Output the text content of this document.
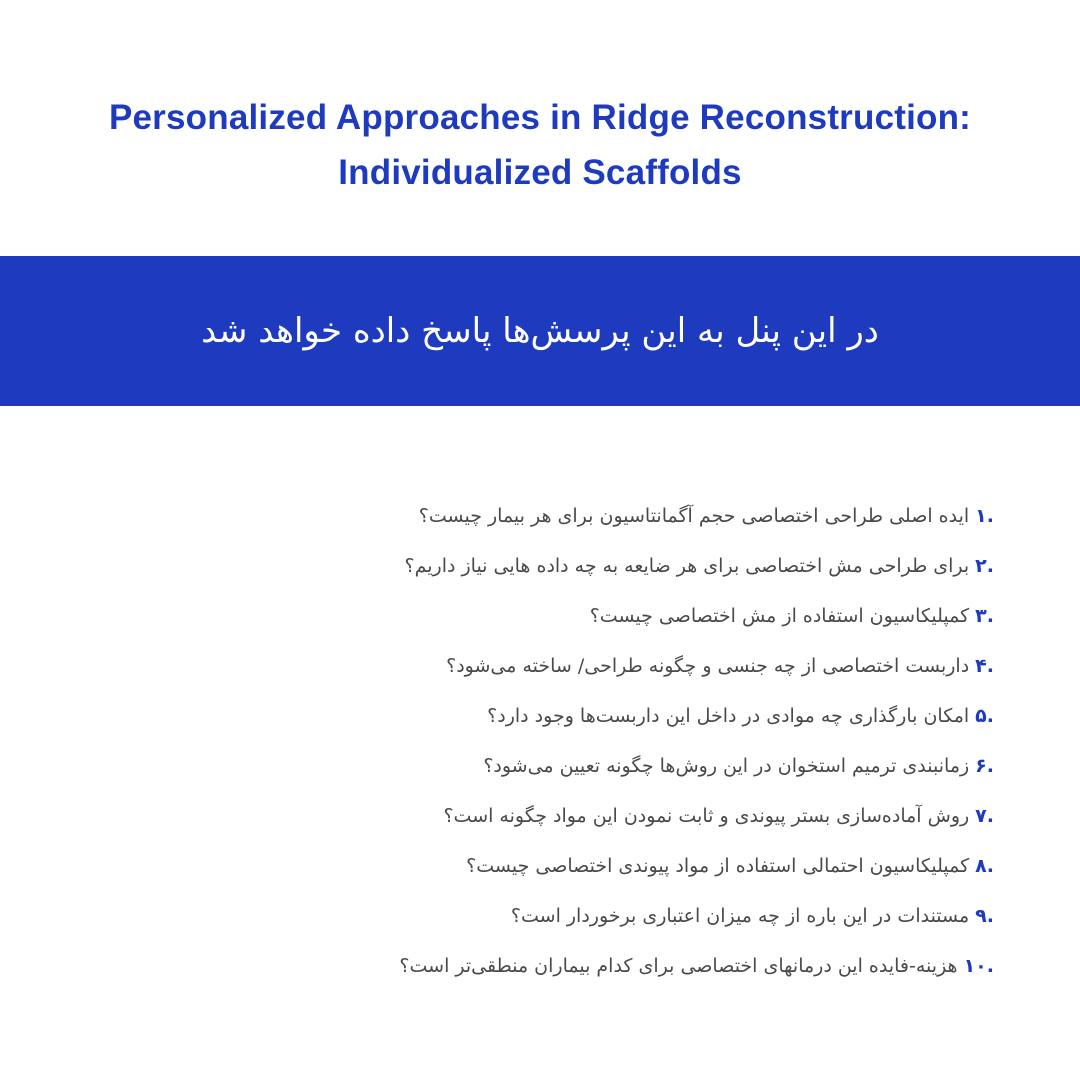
Personalized Approaches in Ridge Reconstruction:
Individualized Scaffolds
در این پنل به این پرسش‌ها پاسخ داده خواهد شد
.۱ایده اصلی طراحی اختصاصی حجم آگمانتاسیون برای هر بیمار چیست؟
.۲برای طراحی مش اختصاصی برای هر ضایعه به چه داده هایی نیاز داریم؟
.۳کمپلیکاسیون استفاده از مش اختصاصی چیست؟
.۴داربست اختصاصی از چه جنسی و چگونه طراحی/ ساخته می‌شود؟
.۵امکان بارگذاری چه موادی در داخل این داربست‌ها وجود دارد؟
.۶زمانبندی ترمیم استخوان در این روش‌ها چگونه تعیین می‌شود؟
.۷روش آماده‌سازی بستر پیوندی و ثابت نمودن این مواد چگونه است؟
.۸کمپلیکاسیون احتمالی استفاده از مواد پیوندی اختصاصی چیست؟
.۹مستندات در این باره از چه میزان اعتباری برخوردار است؟
.۱۰هزینه-فایده این درمانهای اختصاصی برای کدام بیماران منطقی‌تر است؟
